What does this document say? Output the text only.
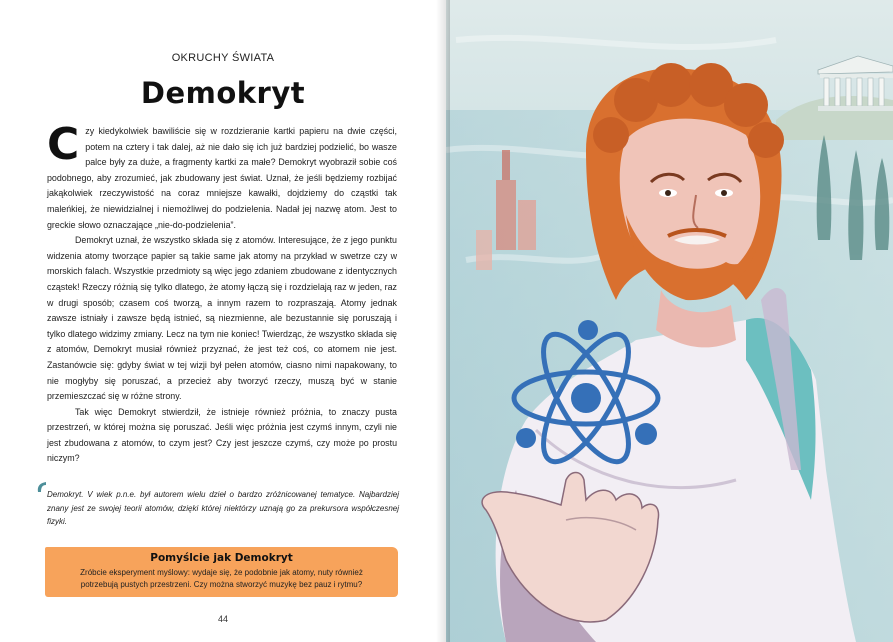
OKRUCHY ŚWIATA
Demokryt

Czy kiedykolwiek bawiliście się w rozdzieranie kartki papieru na dwie części, potem na cztery i tak dalej, aż nie dało się ich już bardziej podzielić, bo wasze palce były za duże, a fragmenty kartki za małe? Demokryt wyobraził sobie coś podobnego, aby zrozumieć, jak zbudowany jest świat. Uznał, że jeśli będziemy rozbijać jakąkolwiek rzeczywistość na coraz mniejsze kawałki, dojdziemy do cząstki tak maleńkiej, że niewidzialnej i niemożliwej do podzielenia. Nadał jej nazwę atom. Jest to greckie słowo oznaczające „nie-do-podzielenia”.

Demokryt uznał, że wszystko składa się z atomów. Interesujące, że z jego punktu widzenia atomy tworzące papier są takie same jak atomy na przykład w swetrze czy w morskich falach. Wszystkie przedmioty są więc jego zdaniem zbudowane z identycznych cząstek! Rzeczy różnią się tylko dlatego, że atomy łączą się i rozdzielają raz w jeden, raz w drugi sposób; czasem coś tworzą, a innym razem to rozpraszają. Atomy jednak zawsze istniały i zawsze będą istnieć, są niezmienne, ale bezustannie się poruszają i tylko dlatego widzimy zmiany. Lecz na tym nie koniec! Twierdząc, że wszystko składa się z atomów, Demokryt musiał również przyznać, że jest też coś, co atomem nie jest. Zastanówcie się: gdyby świat w tej wizji był pełen atomów, ciasno nimi napakowany, to nie mogłyby się poruszać, a przecież aby tworzyć rzeczy, muszą być w stanie przemieszczać się w różne strony.

Tak więc Demokryt stwierdził, że istnieje również próżnia, to znaczy pusta przestrzeń, w której można się poruszać. Jeśli więc próżnia jest czymś innym, czyli nie jest zbudowana z atomów, to czym jest? Czy jest jeszcze czymś, czy może po prostu niczym?

Demokryt. V wiek p.n.e. był autorem wielu dzieł o bardzo zróżnicowanej tematyce. Najbardziej znany jest ze swojej teorii atomów, dzięki której niektórzy uznają go za prekursora współczesnej fizyki.
Pomyślcie jak Demokryt
Zróbcie eksperyment myślowy: wydaje się, że podobnie jak atomy, nuty również potrzebują pustych przestrzeni. Czy można stworzyć muzykę bez pauz i rytmu?
44
